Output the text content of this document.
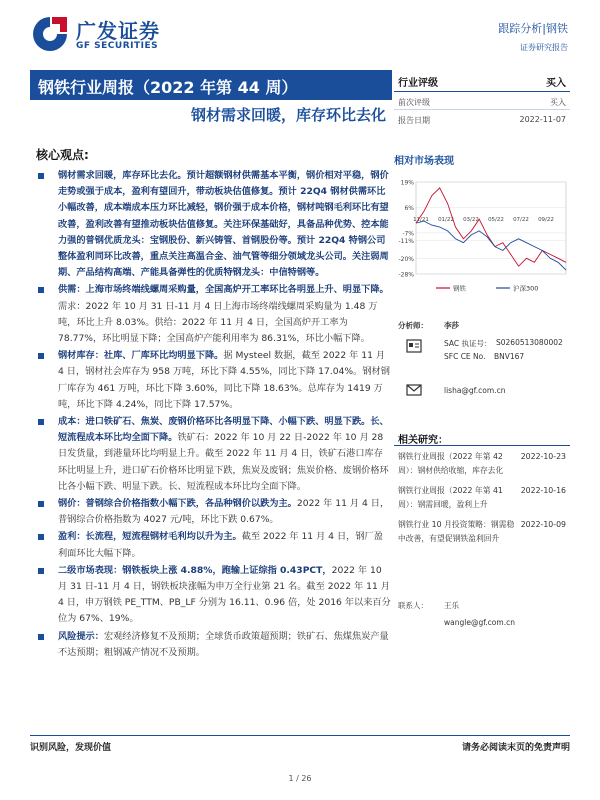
广发证券
GF SECURITIES
跟踪分析|钢铁
证券研究报告
钢铁行业周报（2022 年第 44 周）
钢材需求回暖，库存环比去化
核心观点:
钢材需求回暖，库存环比去化。预计超额钢材供需基本平衡，钢价相对平稳，钢价走势或强于成本，盈利有望回升，带动板块估值修复。预计 22Q4 钢材供需环比小幅改善，成本端成本压力环比减轻，钢价强于成本价格，钢材吨钢毛利环比有望改善，盈利改善有望推动板块估值修复。关注环保基础好，具备品种优势、控本能力强的普钢优质龙头：宝钢股份、新兴铸管、首钢股份等。预计 22Q4 特钢公司整体盈利同环比改善，重点关注高温合金、油气管等细分领域龙头公司。关注弱周期、产品结构高端、产能具备弹性的优质特钢龙头：中信特钢等。
供需：上海市场终端线螺周采购量，全国高炉开工率环比各明显上升、明显下降。需求：2022 年 10 月 31 日-11 月 4 日上海市场终端线螺周采购量为 1.48 万吨，环比上升 8.03%。供给：2022 年 11 月 4 日，全国高炉开工率为 78.77%，环比明显下降；全国高炉产能利用率为 86.31%，环比小幅下降。
钢材库存：社库、厂库环比均明显下降。据 Mysteel 数据，截至 2022 年 11 月 4 日，钢材社会库存为 958 万吨，环比下降 4.55%，同比下降 17.04%。钢材钢厂库存为 461 万吨，环比下降 3.60%，同比下降 18.63%。总库存为 1419 万吨，环比下降 4.24%，同比下降 17.57%。
成本：进口铁矿石、焦炭、废钢价格环比各明显下降、小幅下跌、明显下跌。长、短流程成本环比均全面下降。铁矿石：2022 年 10 月 22 日-2022 年 10 月 28 日发货量，到港量环比均明显上升。截至 2022 年 11 月 4 日，铁矿石港口库存环比明显上升，进口矿石价格环比明显下跌，焦炭及废钢；焦炭价格、废钢价格环比各小幅下跌、明显下跌。长、短流程成本环比均全面下降。
钢价：普钢综合价格指数小幅下跌，各品种钢价以跌为主。2022 年 11 月 4 日，普钢综合价格指数为 4027 元/吨，环比下跌 0.67%。
盈利：长流程，短流程钢材毛利均以升为主。截至 2022 年 11 月 4 日，钢厂盈利面环比大幅下降。
二级市场表现：钢铁板块上涨 4.88%，跑输上证综指 0.43PCT，2022 年 10 月 31 日-11 月 4 日，钢铁板块涨幅为申万全行业第 21 名。截至 2022 年 11 月 4 日，申万钢铁 PE_TTM、PB_LF 分别为 16.11、0.96 倍，处 2016 年以来百分位为 67%、19%。
风险提示：宏观经济修复不及预期；全球货币政策超预期；铁矿石、焦煤焦炭产量不达预期；粗钢减产情况不及预期。
行业评级	买入
前次评级	买入
报告日期	2022-11-07
相对市场表现
19%
6%
-7%
-20%
-11%
-28%
11/21 01/22 03/22 05/22 07/22 09/22
钢铁	沪深300
分析师： 李莎
SAC 执证号： S0260513080002
SFC CE No. BNV167
lisha@gf.com.cn
相关研究：
钢铁行业周报（2022 年第 42 周）：钢材供给收缩，库存去化
2022-10-23
钢铁行业周报（2022 年第 41 周）：钢需回暖，盈利上升
2022-10-16
钢铁行业 10 月投资策略：钢需稳中改善，有望促钢铁盈利回升
2022-10-09
联系人： 王乐
wangle@gf.com.cn
识别风险，发现价值	请务必阅读末页的免责声明
1 / 26
